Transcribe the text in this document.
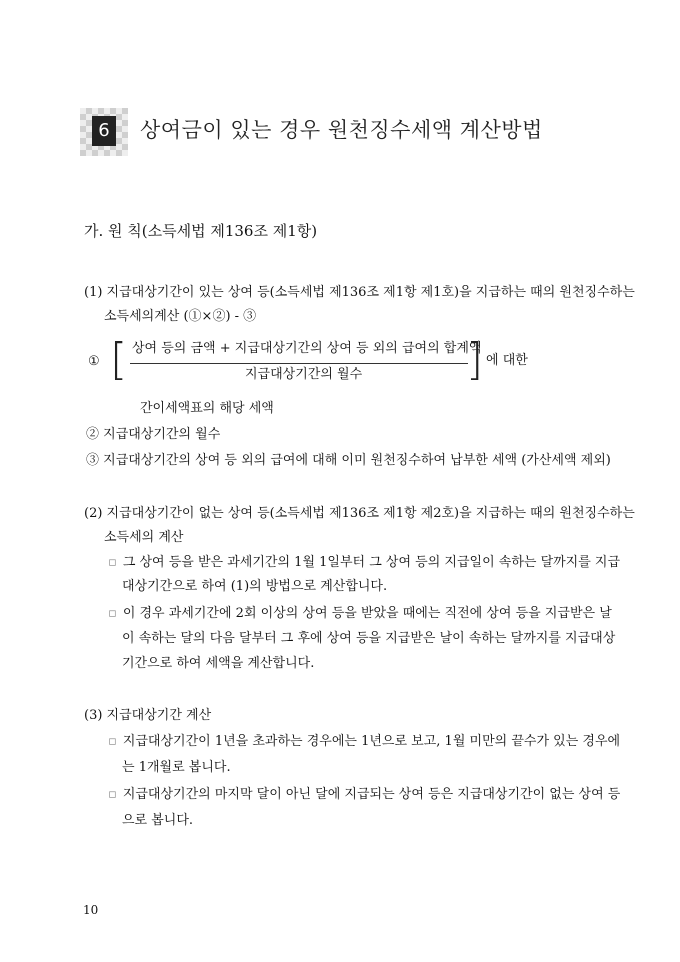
6 상여금이 있는 경우 원천징수세액 계산방법
가. 원 칙(소득세법 제136조 제1항)
(1) 지급대상기간이 있는 상여 등(소득세법 제136조 제1항 제1호)을 지급하는 때의 원천징수하는
소득세의계산 (①×②) - ③
① [ 상여 등의 금액 + 지급대상기간의 상여 등 외의 급여의 합계액
지급대상기간의 월수 ] 에 대한
간이세액표의 해당 세액
② 지급대상기간의 월수
③ 지급대상기간의 상여 등 외의 급여에 대해 이미 원천징수하여 납부한 세액 (가산세액 제외)
(2) 지급대상기간이 없는 상여 등(소득세법 제136조 제1항 제2호)을 지급하는 때의 원천징수하는
소득세의 계산
▫ 그 상여 등을 받은 과세기간의 1월 1일부터 그 상여 등의 지급일이 속하는 달까지를 지급
대상기간으로 하여 (1)의 방법으로 계산합니다.
▫ 이 경우 과세기간에 2회 이상의 상여 등을 받았을 때에는 직전에 상여 등을 지급받은 날
이 속하는 달의 다음 달부터 그 후에 상여 등을 지급받은 날이 속하는 달까지를 지급대상
기간으로 하여 세액을 계산합니다.
(3) 지급대상기간 계산
▫ 지급대상기간이 1년을 초과하는 경우에는 1년으로 보고, 1월 미만의 끝수가 있는 경우에
는 1개월로 봅니다.
▫ 지급대상기간의 마지막 달이 아닌 달에 지급되는 상여 등은 지급대상기간이 없는 상여 등
으로 봅니다.
10
